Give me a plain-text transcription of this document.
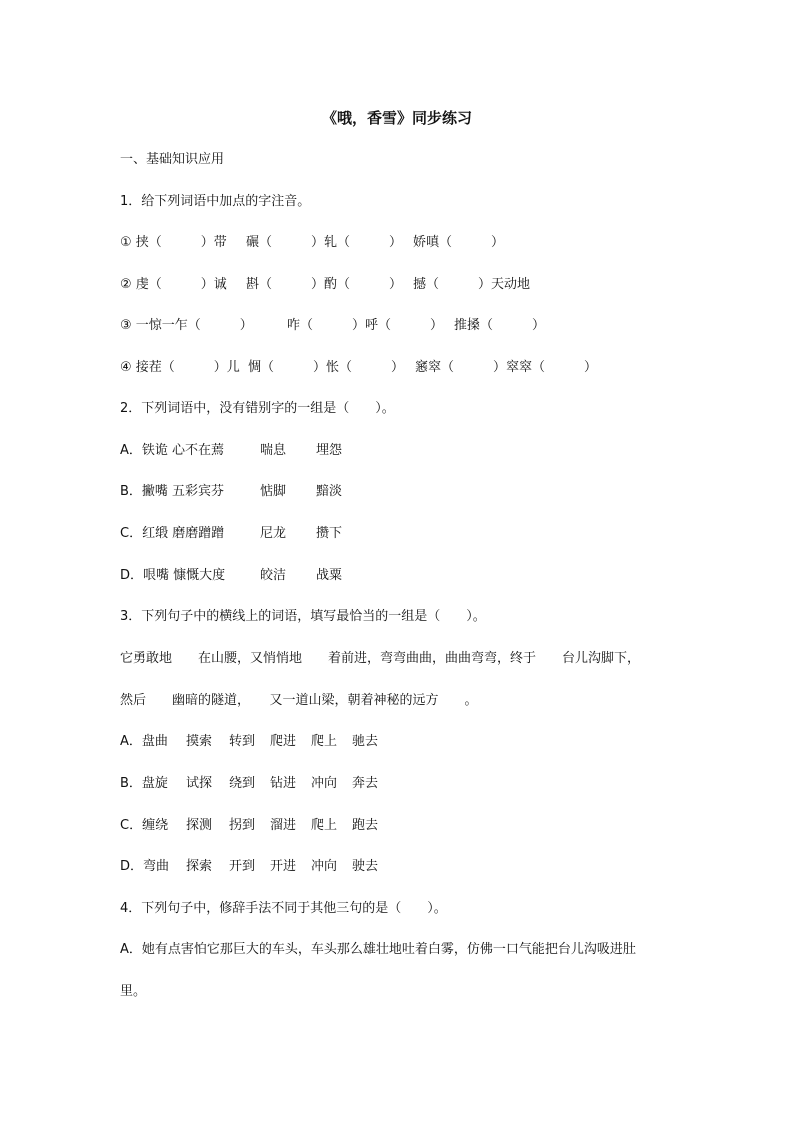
《哦，香雪》同步练习
一、基础知识应用
1．给下列词语中加点的字注音。
① 挟（　　　）带 碾（　　　）轧（　　　） 娇嗔（　　　）
② 虔（　　　）诚 斟（　　　）酌（　　　） 撼（　　　）天动地
③ 一惊一乍（　　　）	咋（　　　）呼（　　　） 推搡（　　　）
④ 接茬（　　　）儿 惆（　　　）怅（　　　） 窸窣（　　　）窣窣（　　　）
2．下列词语中，没有错别字的一组是（　　）。
A．铁诡 心不在蔫	喘息 埋怨
B．撇嘴 五彩宾芬	惦脚 黯淡
C．红缎 磨磨蹭蹭	尼龙 攒下
D．哏嘴 慷慨大度	皎洁 战粟
3．下列句子中的横线上的词语，填写最恰当的一组是（　　）。
它勇敢地　　在山腰，又悄悄地　　着前进，弯弯曲曲，曲曲弯弯，终于　　台儿沟脚下，
然后　　幽暗的隧道，　　又一道山梁，朝着神秘的远方　　。
A．盘曲 摸索 转到 爬进 爬上 驰去
B．盘旋 试探 绕到 钻进 冲向 奔去
C．缠绕 探测 拐到 溜进 爬上 跑去
D．弯曲 探索 开到 开进 冲向 驶去
4．下列句子中，修辞手法不同于其他三句的是（　　）。
A．她有点害怕它那巨大的车头，车头那么雄壮地吐着白雾，仿佛一口气能把台儿沟吸进肚
里。
